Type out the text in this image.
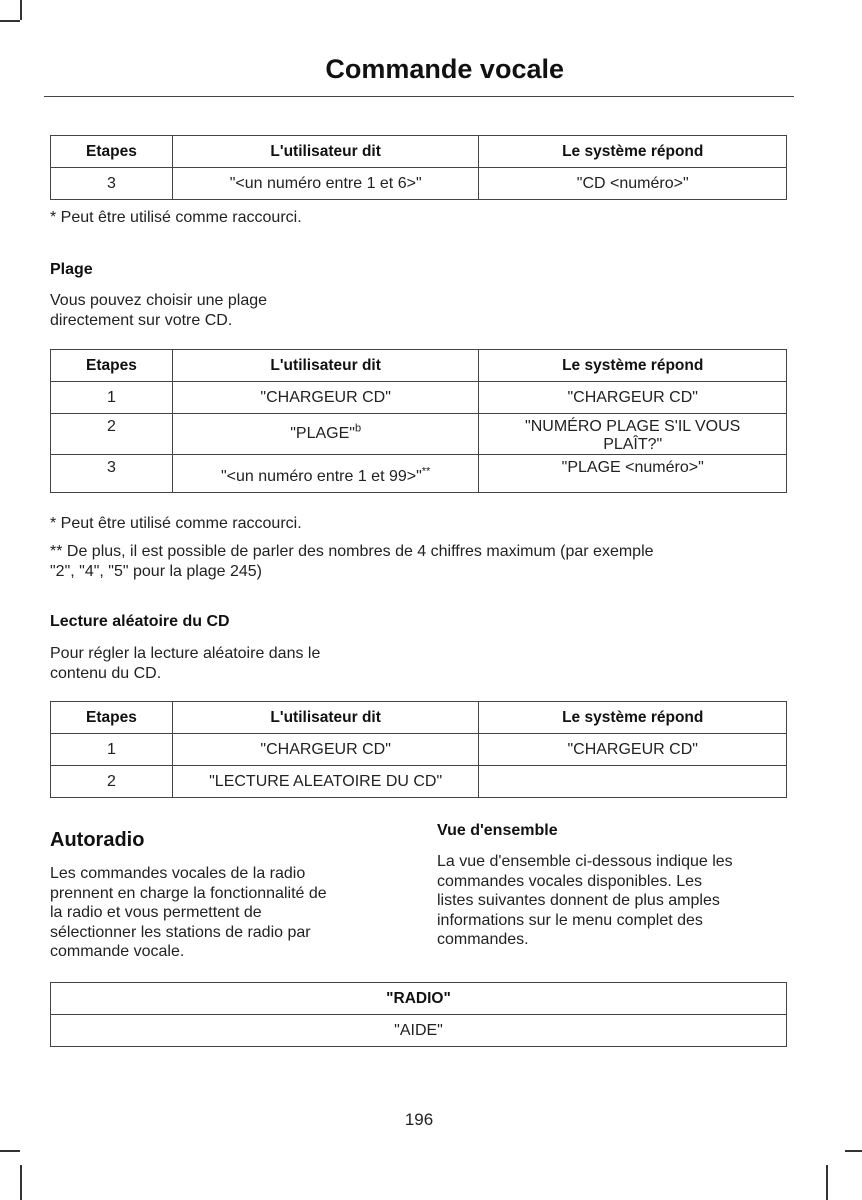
Commande vocale
Etapes	L'utilisateur dit	Le système répond
3	"<un numéro entre 1 et 6>"	"CD <numéro>"
* Peut être utilisé comme raccourci.
Plage
Vous pouvez choisir une plage
directement sur votre CD.
Etapes	L'utilisateur dit	Le système répond
1	"CHARGEUR CD"	"CHARGEUR CD"
2	"PLAGE"$^b$	"NUMÉRO PLAGE S'IL VOUS PLAÎT?"
3	"<un numéro entre 1 et 99>"**	"PLAGE <numéro>"
* Peut être utilisé comme raccourci.
** De plus, il est possible de parler des nombres de 4 chiffres maximum (par exemple
"2", "4", "5" pour la plage 245)
Lecture aléatoire du CD
Pour régler la lecture aléatoire dans le
contenu du CD.
Etapes	L'utilisateur dit	Le système répond
1	"CHARGEUR CD"	"CHARGEUR CD"
2	"LECTURE ALEATOIRE DU CD"	
Autoradio
Les commandes vocales de la radio
prennent en charge la fonctionnalité de
la radio et vous permettent de
sélectionner les stations de radio par
commande vocale.
Vue d'ensemble
La vue d'ensemble ci-dessous indique les
commandes vocales disponibles. Les
listes suivantes donnent de plus amples
informations sur le menu complet des
commandes.
"RADIO"
"AIDE"
196
